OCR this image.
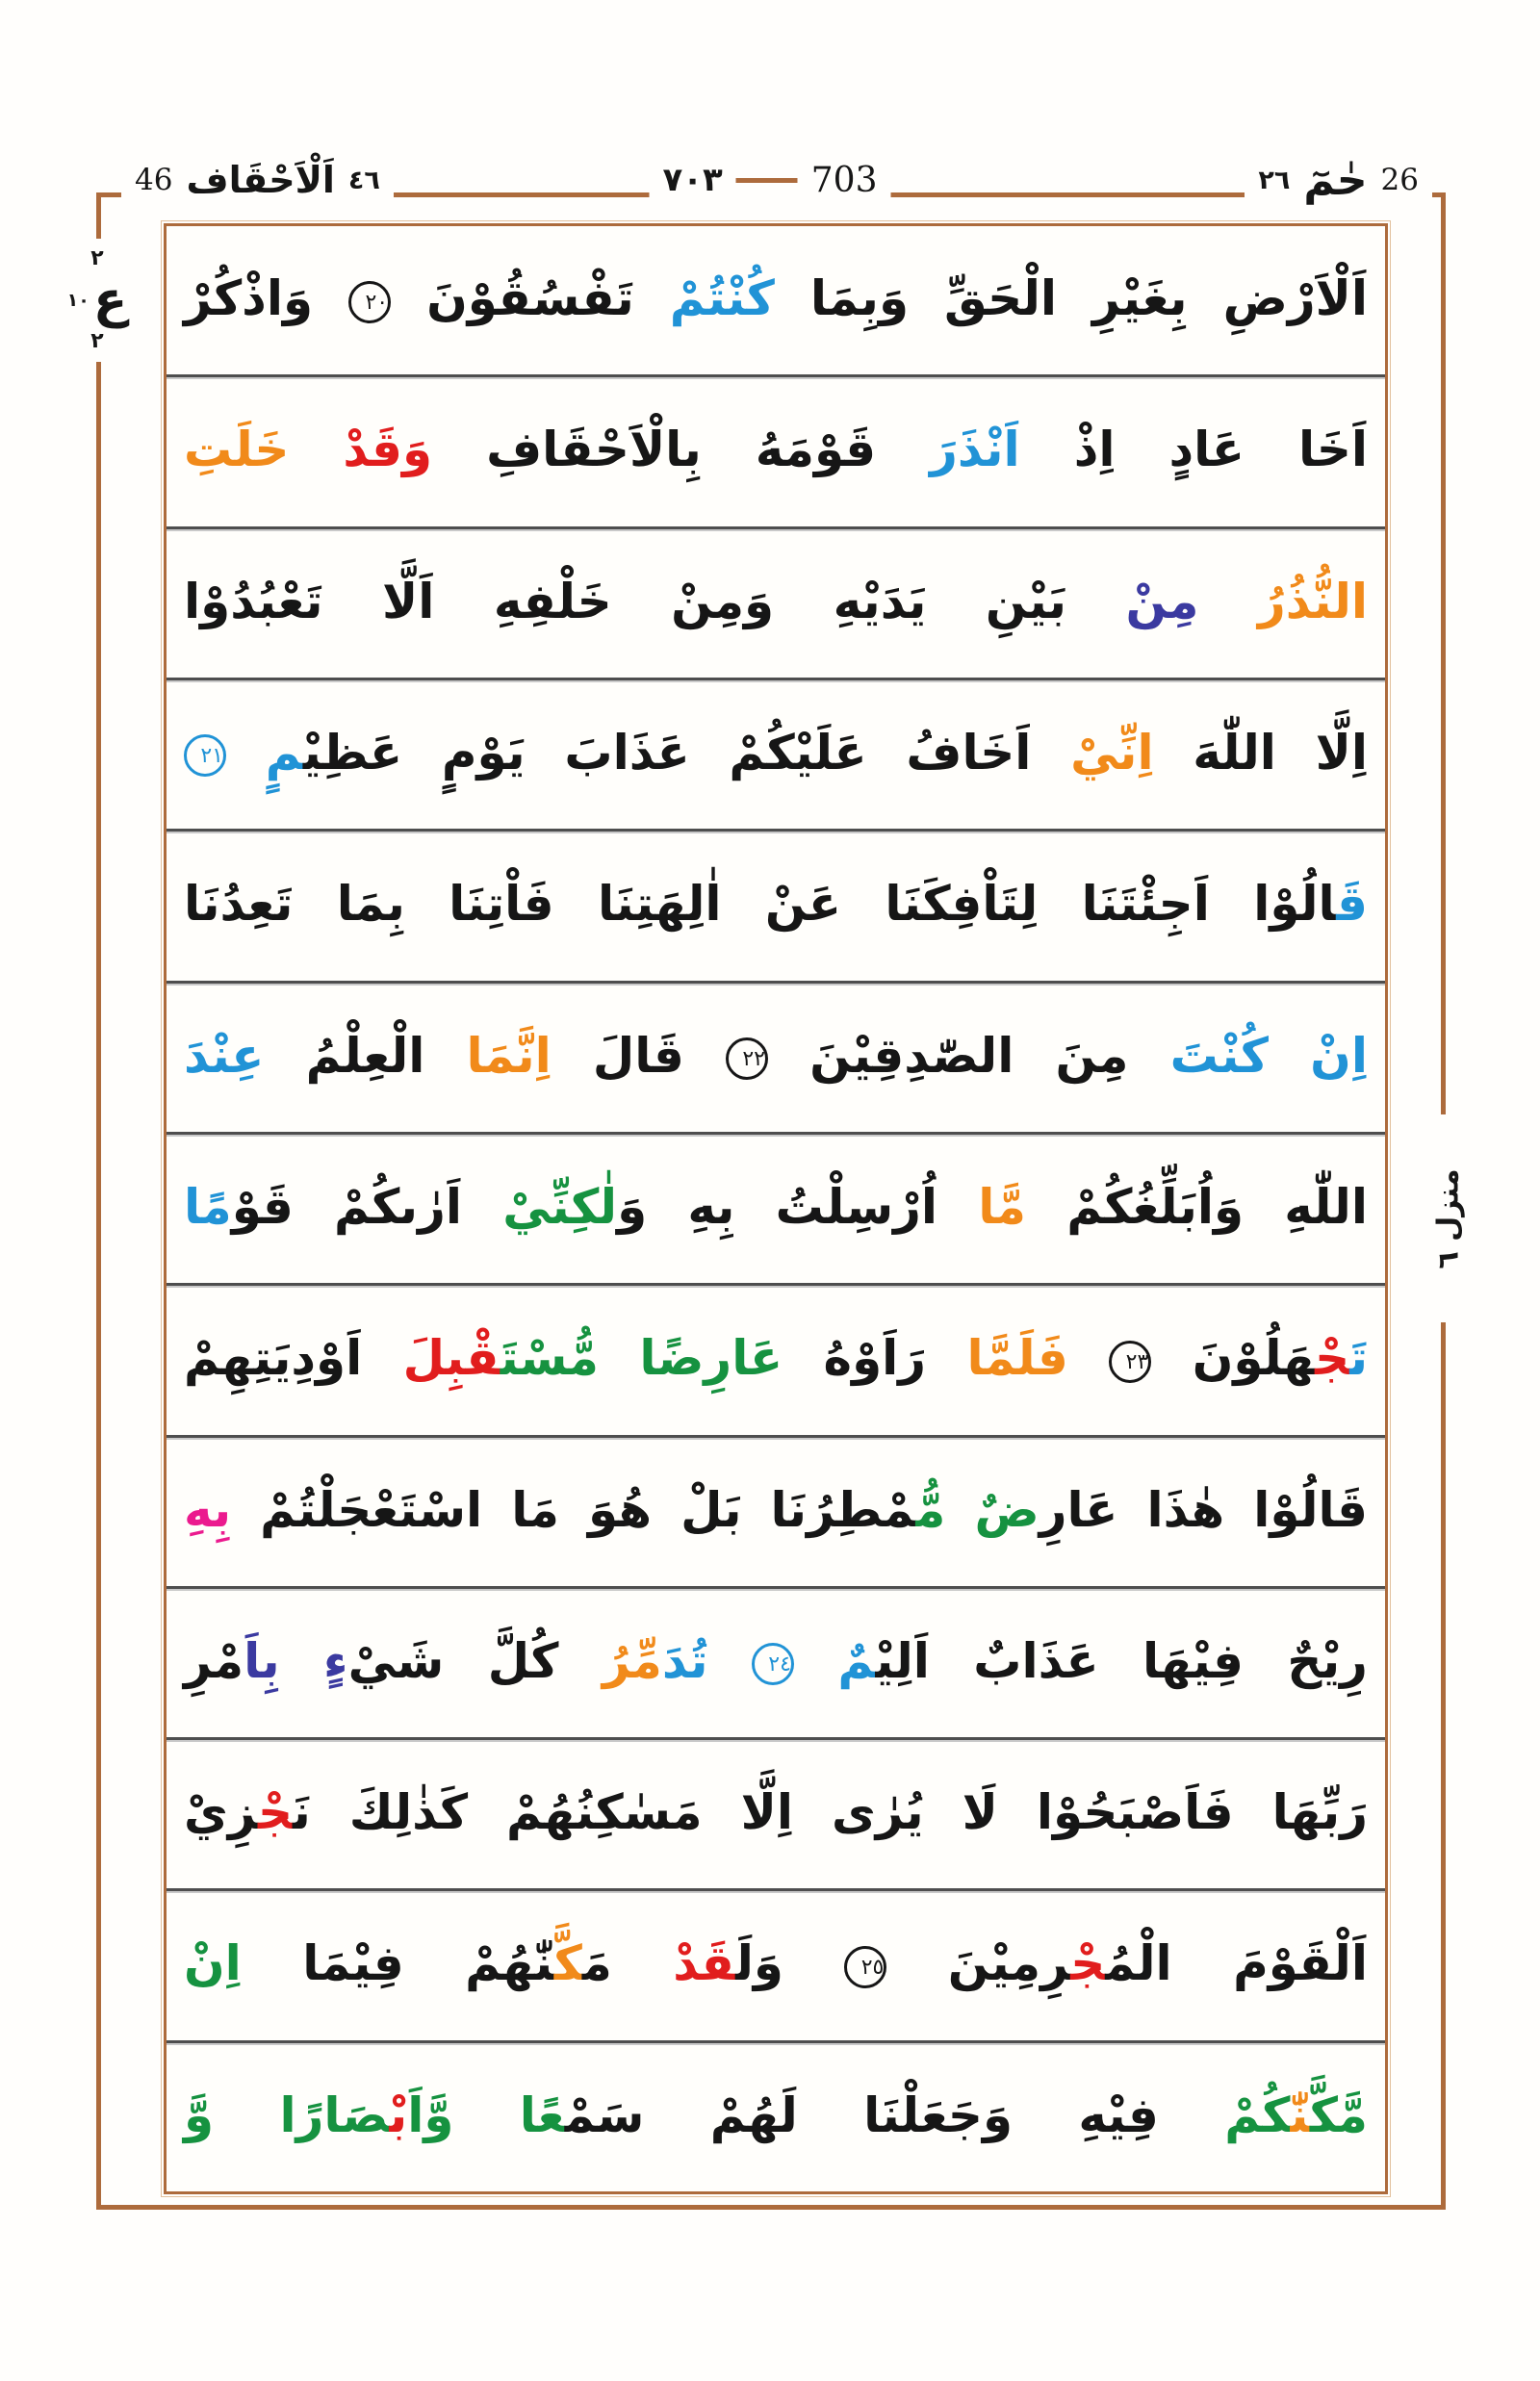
46 اَلْاَحْقَاف ٤٦	٧٠٣	703	٢٦ حٰمٓ 26
٢
ع
١٠
٢
منزل ٦
اَلْاَرْضِ بِغَيْرِ الْحَقِّ وَبِمَا كُنْتُمْ تَفْسُقُوْنَ ٢٠ وَاذْكُرْ
اَخَا عَادٍ اِذْ اَنْذَرَ قَوْمَهُ بِالْاَحْقَافِ وَقَدْ خَلَتِ
النُّذُرُ مِنْ بَيْنِ يَدَيْهِ وَمِنْ خَلْفِهِ اَلَّا تَعْبُدُوْا
اِلَّا اللّٰهَ اِنِّيْ اَخَافُ عَلَيْكُمْ عَذَابَ يَوْمٍ عَظِيْ‍‍مٍ ٢١
قَ‍‍الُوْا اَجِئْتَنَا لِتَاْفِكَنَا عَنْ اٰلِهَتِنَا فَاْتِنَا بِمَا تَعِدُنَا
اِنْ كُنْتَ مِنَ الصّٰدِقِيْنَ ٢٢ قَالَ اِنَّمَا الْعِلْمُ عِنْدَ
اللّٰهِ وَاُبَلِّغُكُمْ مَّا اُرْسِلْتُ بِهِ وَلٰكِنِّيْ اَرٰىكُمْ قَوْمًا
تَ‍‍جْ‍‍هَلُوْنَ ٢٣ فَلَمَّا رَاَوْهُ عَارِضًا مُّسْتَ‍‍قْبِلَ اَوْدِيَتِهِمْ
قَالُوْا هٰذَا عَارِضٌ مُّ‍‍مْطِرُنَا بَلْ هُوَ مَا اسْتَعْجَلْتُمْ بِهِ
رِيْحٌ فِيْهَا عَذَابٌ اَلِيْ‍‍مٌ ٢٤ تُدَمِّرُ كُلَّ شَيْءٍ بِاَمْرِ
رَبِّهَا فَاَصْبَحُوْا لَا يُرٰى اِلَّا مَسٰكِنُهُمْ كَذٰلِكَ نَ‍‍جْ‍‍زِيْ
اَلْقَوْمَ الْمُ‍‍جْ‍‍رِمِيْنَ ٢٥ وَلَ‍‍قَدْ مَ‍‍كَّ‍‍نّٰهُمْ فِيْمَا اِنْ
مَّكَّ‍‍نّٰ‍‍كُمْ فِيْهِ وَجَعَلْنَا لَهُمْ سَمْ‍‍عًا وَّاَبْ‍‍صَارًا وَّ
